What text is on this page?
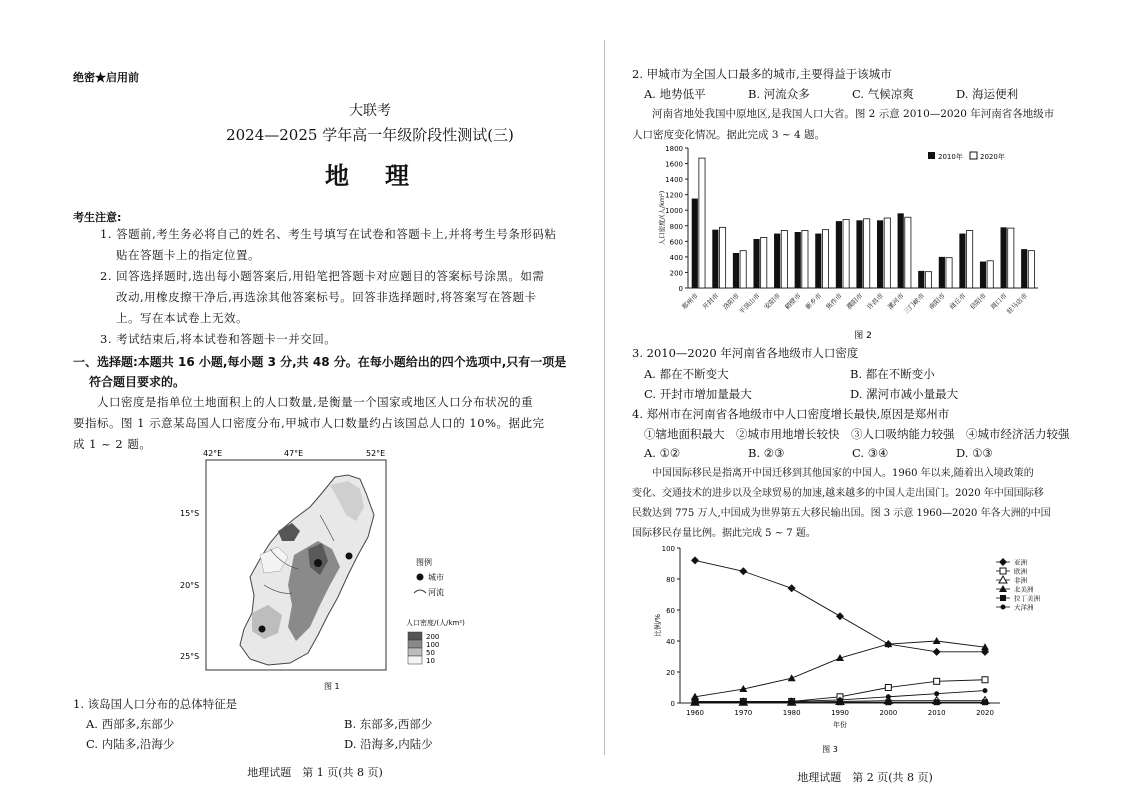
绝密★启用前
大联考
2024—2025 学年高一年级阶段性测试(三)
地　理
考生注意:
1. 答题前,考生务必将自己的姓名、考生号填写在试卷和答题卡上,并将考生号条形码粘
贴在答题卡上的指定位置。
2. 回答选择题时,选出每小题答案后,用铅笔把答题卡对应题目的答案标号涂黑。如需
改动,用橡皮擦干净后,再选涂其他答案标号。回答非选择题时,将答案写在答题卡
上。写在本试卷上无效。
3. 考试结束后,将本试卷和答题卡一并交回。
一、选择题:本题共 16 小题,每小题 3 分,共 48 分。在每小题给出的四个选项中,只有一项是
符合题目要求的。
人口密度是指单位土地面积上的人口数量,是衡量一个国家或地区人口分布状况的重
要指标。图 1 示意某岛国人口密度分布,甲城市人口数量约占该国总人口的 10%。据此完
成 1 ~ 2 题。
42°E	47°E	52°E
15°S
20°S
25°S
图例
城市
河流
人口密度/(人/km²)
200
100
50
10
图 1
1. 该岛国人口分布的总体特征是
A. 西部多,东部少	B. 东部多,西部少
C. 内陆多,沿海少	D. 沿海多,内陆少
地理试题　第 1 页(共 8 页)
2. 甲城市为全国人口最多的城市,主要得益于该城市
A. 地势低平	B. 河流众多	C. 气候凉爽	D. 海运便利
河南省地处我国中原地区,是我国人口大省。图 2 示意 2010—2020 年河南省各地级市
人口密度变化情况。据此完成 3 ~ 4 题。
0
200
400
600
800
1000
1200
1400
1600
1800
人口密度/(人/km²)
郑州市 开封市 洛阳市
平顶山市 安阳市 鹤壁市 新乡市 焦作市 濮阳市 许昌市 漯河市
三门峡市 南阳市 商丘市 信阳市 周口市
驻马店市
2010年 2020年
图 2
3. 2010—2020 年河南省各地级市人口密度
A. 都在不断变大	B. 都在不断变小
C. 开封市增加量最大	D. 漯河市减小量最大
4. 郑州市在河南省各地级市中人口密度增长最快,原因是郑州市
①辖地面积最大　②城市用地增长较快　③人口吸纳能力较强　④城市经济活力较强
A. ①②	B. ②③	C. ③④	D. ①③
中国国际移民是指离开中国迁移到其他国家的中国人。1960 年以来,随着出入境政策的
变化、交通技术的进步以及全球贸易的加速,越来越多的中国人走出国门。2020 年中国国际移
民数达到 775 万人,中国成为世界第五大移民输出国。图 3 示意 1960—2020 年各大洲的中国
国际移民存量比例。据此完成 5 ~ 7 题。
0
20
40
60
80
100
1960	1970	1980	1990	2000	2010	2020
年份
比例/%
亚洲
欧洲
非洲
北美洲
拉丁美洲
大洋洲
图 3
地理试题　第 2 页(共 8 页)
